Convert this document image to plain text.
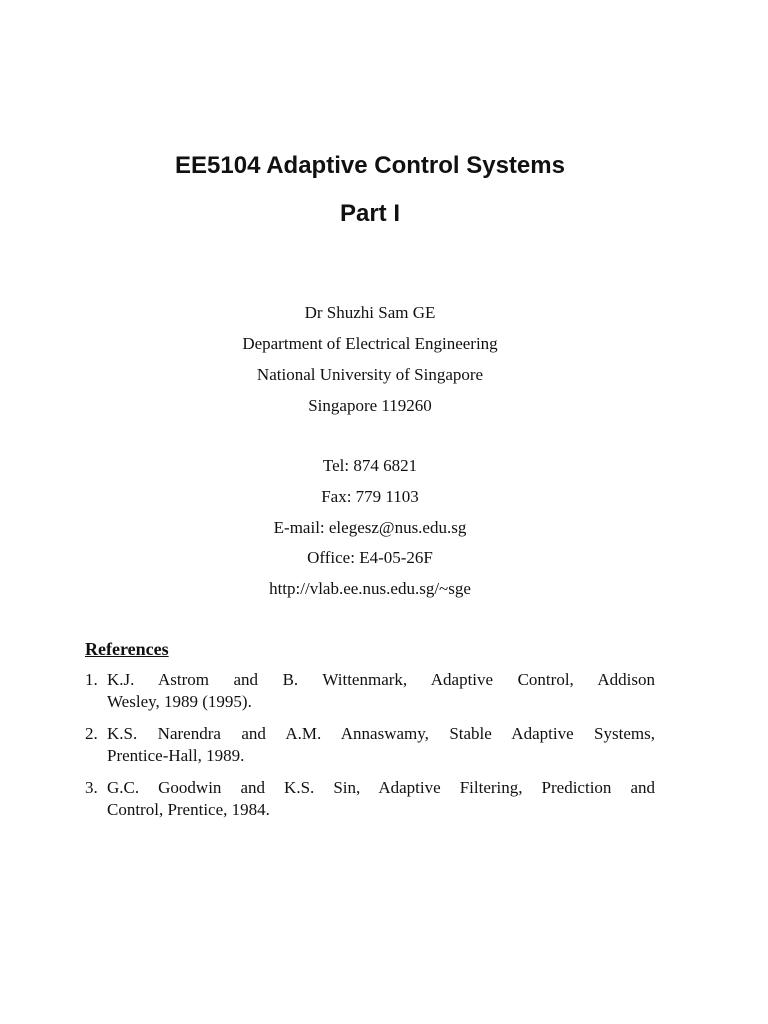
EE5104 Adaptive Control Systems
Part I

Dr Shuzhi Sam GE

Department of Electrical Engineering

National University of Singapore

Singapore 119260

Tel: 874 6821

Fax: 779 1103

E-mail: elegesz@nus.edu.sg

Office: E4-05-26F

http://vlab.ee.nus.edu.sg/~sge

References

1. K.J. Astrom and B. Wittenmark, Adaptive Control, Addison
Wesley, 1989 (1995).
2. K.S. Narendra and A.M. Annaswamy, Stable Adaptive Systems,
Prentice-Hall, 1989.
3. G.C. Goodwin and K.S. Sin, Adaptive Filtering, Prediction and
Control, Prentice, 1984.
